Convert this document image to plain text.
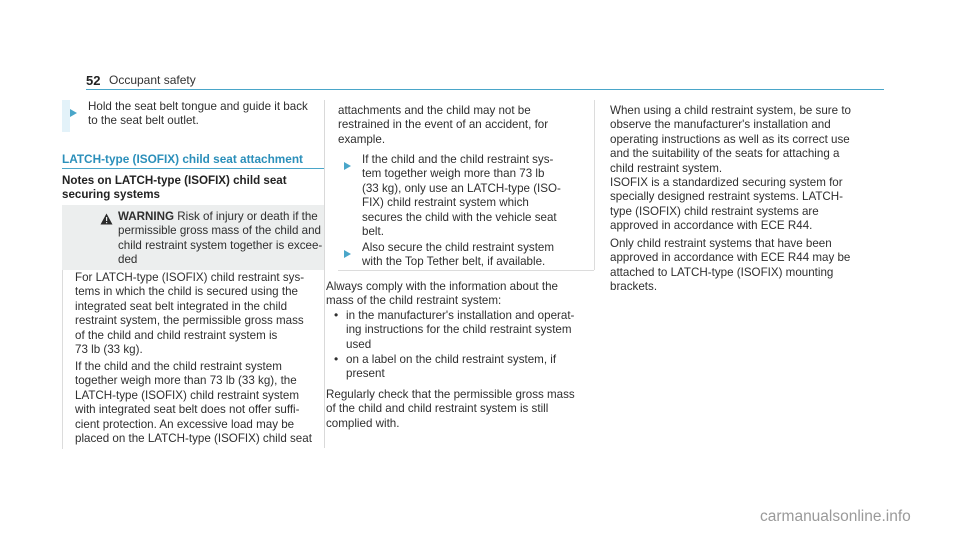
52 Occupant safety
Hold the seat belt tongue and guide it back
to the seat belt outlet.
LATCH-type (ISOFIX) child seat attachment
Notes on LATCH-type (ISOFIX) child seat
securing systems
WARNING Risk of injury or death if the
permissible gross mass of the child and
child restraint system together is excee-
ded
For LATCH-type (ISOFIX) child restraint sys-
tems in which the child is secured using the
integrated seat belt integrated in the child
restraint system, the permissible gross mass
of the child and child restraint system is
73 lb (33 kg).
If the child and the child restraint system
together weigh more than 73 lb (33 kg), the
LATCH-type (ISOFIX) child restraint system
with integrated seat belt does not offer suffi-
cient protection. An excessive load may be
placed on the LATCH-type (ISOFIX) child seat
attachments and the child may not be
restrained in the event of an accident, for
example.
If the child and the child restraint sys-
tem together weigh more than 73 lb
(33 kg), only use an LATCH-type (ISO-
FIX) child restraint system which
secures the child with the vehicle seat
belt.
Also secure the child restraint system
with the Top Tether belt, if available.
Always comply with the information about the
mass of the child restraint system:
• in the manufacturer's installation and operat-
ing instructions for the child restraint system
used
• on a label on the child restraint system, if
present
Regularly check that the permissible gross mass
of the child and child restraint system is still
complied with.
When using a child restraint system, be sure to
observe the manufacturer's installation and
operating instructions as well as its correct use
and the suitability of the seats for attaching a
child restraint system.
ISOFIX is a standardized securing system for
specially designed restraint systems. LATCH-
type (ISOFIX) child restraint systems are
approved in accordance with ECE R44.
Only child restraint systems that have been
approved in accordance with ECE R44 may be
attached to LATCH-type (ISOFIX) mounting
brackets.
carmanualsonline.info
